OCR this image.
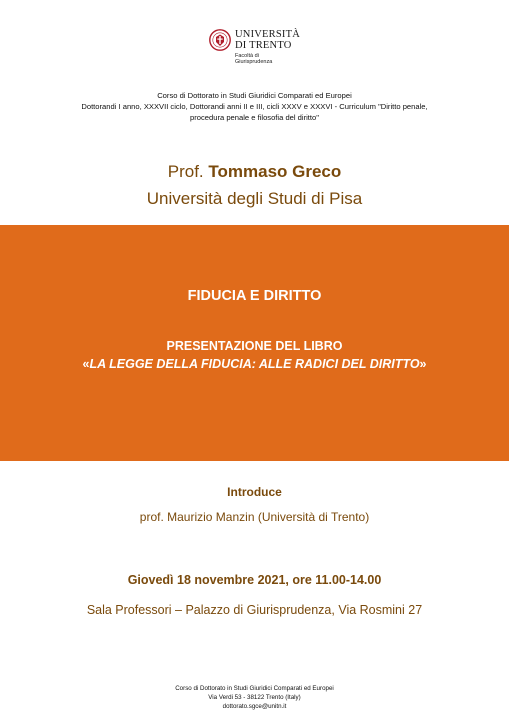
UNIVERSITÀ
DI TRENTO
Facoltà di
Giurisprudenza
Corso di Dottorato in Studi Giuridici Comparati ed Europei
Dottorandi I anno, XXXVII ciclo, Dottorandi anni II e III, cicli XXXV e XXXVI - Curriculum "Diritto penale,
procedura penale e filosofia del diritto"
Prof. Tommaso Greco
Università degli Studi di Pisa
FIDUCIA E DIRITTO
PRESENTAZIONE DEL LIBRO
«LA LEGGE DELLA FIDUCIA: ALLE RADICI DEL DIRITTO»
Introduce
prof. Maurizio Manzin (Università di Trento)
Giovedì 18 novembre 2021, ore 11.00-14.00
Sala Professori – Palazzo di Giurisprudenza, Via Rosmini 27
Corso di Dottorato in Studi Giuridici Comparati ed Europei
Via Verdi 53 - 38122 Trento (Italy)
dottorato.sgce@unitn.it
